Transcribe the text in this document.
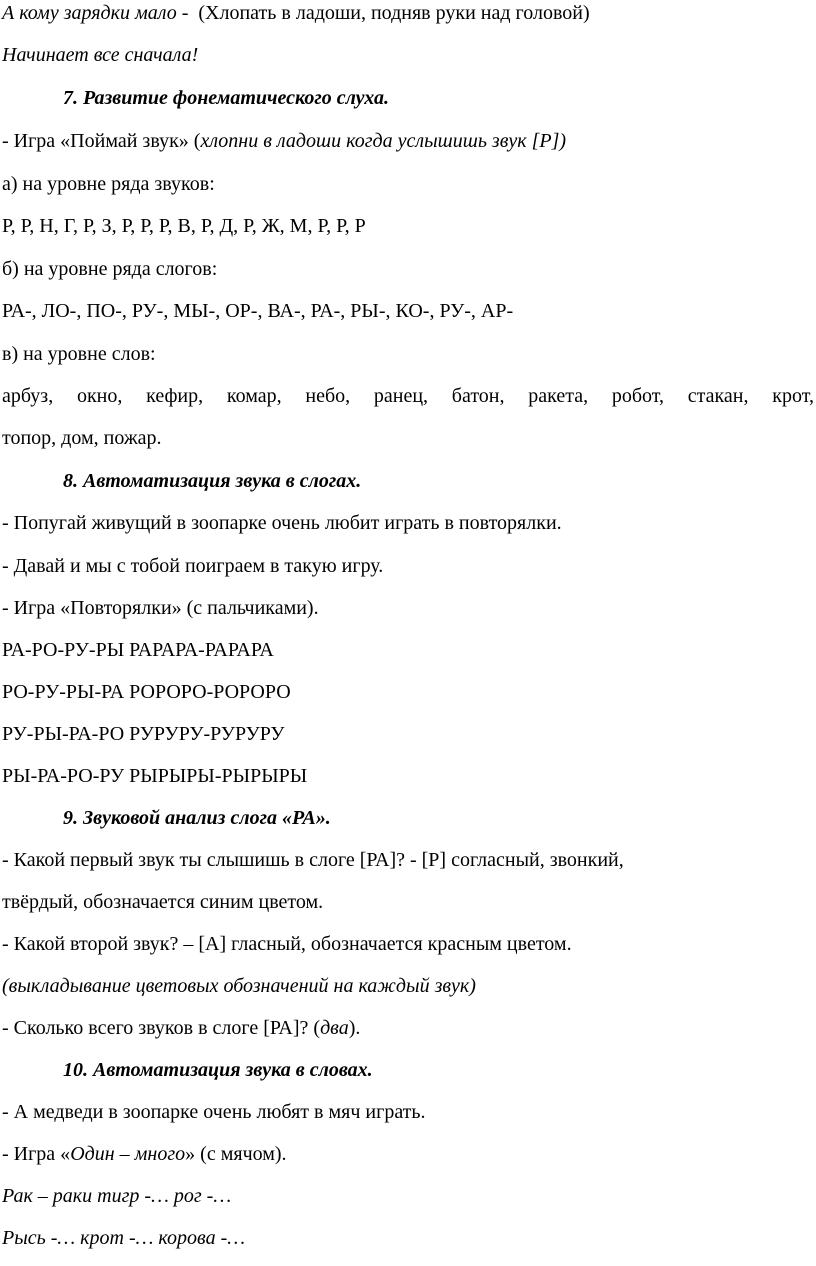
А кому зарядки мало -  (Хлопать в ладоши, подняв руки над головой)
Начинает все сначала!
7. Развитие фонематического слуха.
- Игра «Поймай звук» (хлопни в ладоши когда услышишь звук [Р])
а) на уровне ряда звуков:
Р, Р, Н, Г, Р, З, Р, Р, Р, В, Р, Д, Р, Ж, М, Р, Р, Р
б) на уровне ряда слогов:
РА-, ЛО-, ПО-, РУ-, МЫ-, ОР-, ВА-, РА-, РЫ-, КО-, РУ-, АР-
в) на уровне слов:
арбуз, окно, кефир, комар, небо, ранец, батон, ракета, робот, стакан, крот,
топор, дом, пожар.
8. Автоматизация звука в слогах.
- Попугай живущий в зоопарке очень любит играть в повторялки.
- Давай и мы с тобой поиграем в такую игру.
- Игра «Повторялки» (с пальчиками).
РА-РО-РУ-РЫ РАРАРА-РАРАРА
РО-РУ-РЫ-РА РОРОРО-РОРОРО
РУ-РЫ-РА-РО РУРУРУ-РУРУРУ
РЫ-РА-РО-РУ РЫРЫРЫ-РЫРЫРЫ
9. Звуковой анализ слога «РА».
- Какой первый звук ты слышишь в слоге [РА]? - [Р] согласный, звонкий,
твёрдый, обозначается синим цветом.
- Какой второй звук? – [А] гласный, обозначается красным цветом.
(выкладывание цветовых обозначений на каждый звук)
- Сколько всего звуков в слоге [РА]? (два).
10. Автоматизация звука в словах.
- А медведи в зоопарке очень любят в мяч играть.
- Игра «Один – много» (с мячом).
Рак – раки тигр -… рог -…
Рысь -… крот -… корова -…
